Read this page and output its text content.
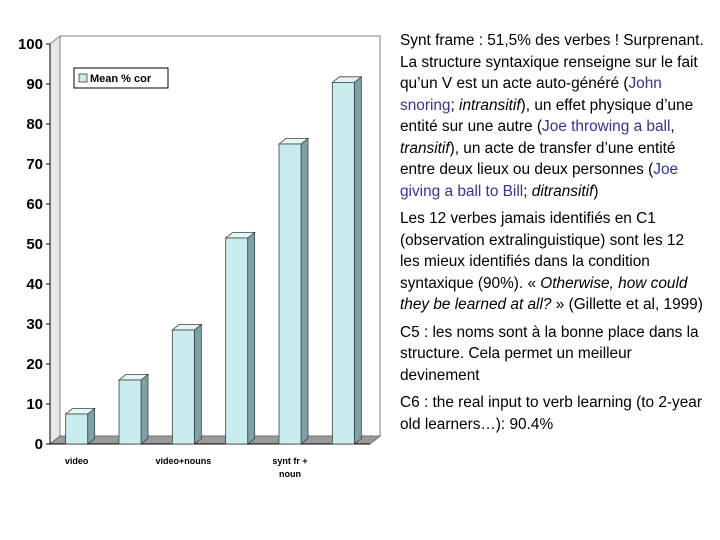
0
10
20
30
40
50
60
70
80
90
100
video	video+nouns	synt fr + noun
Mean % cor

Synt frame : 51,5% des verbes ! Surprenant. La structure syntaxique renseigne sur le fait qu’un V est un acte auto-généré (John snoring; intransitif), un effet physique d’une entité sur une autre (Joe throwing a ball, transitif), un acte de transfer d’une entité entre deux lieux ou deux personnes (Joe giving a ball to Bill; ditransitif)

Les 12 verbes jamais identifiés en C1 (observation extralinguistique) sont les 12 les mieux identifiés dans la condition syntaxique (90%). « Otherwise, how could they be learned at all? » (Gillette et al, 1999)

C5 : les noms sont à la bonne place dans la structure. Cela permet un meilleur devinement

C6 : the real input to verb learning (to 2-year old learners…): 90.4%
